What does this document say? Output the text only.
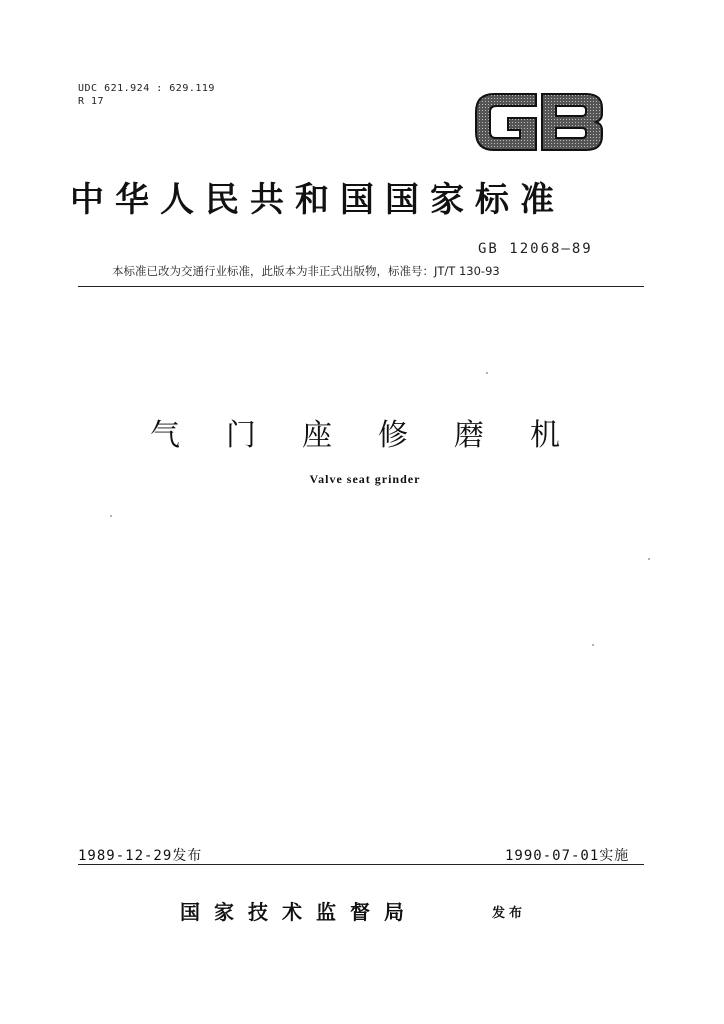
UDC 621.924 : 629.119
R 17
中华人民共和国国家标准
GB 12068—89
本标准已改为交通行业标准，此版本为非正式出版物，标准号：JT/T 130-93
气门座修磨机
Valve seat grinder
1989-12-29发布	1990-07-01实施
国家技术监督局	发布
